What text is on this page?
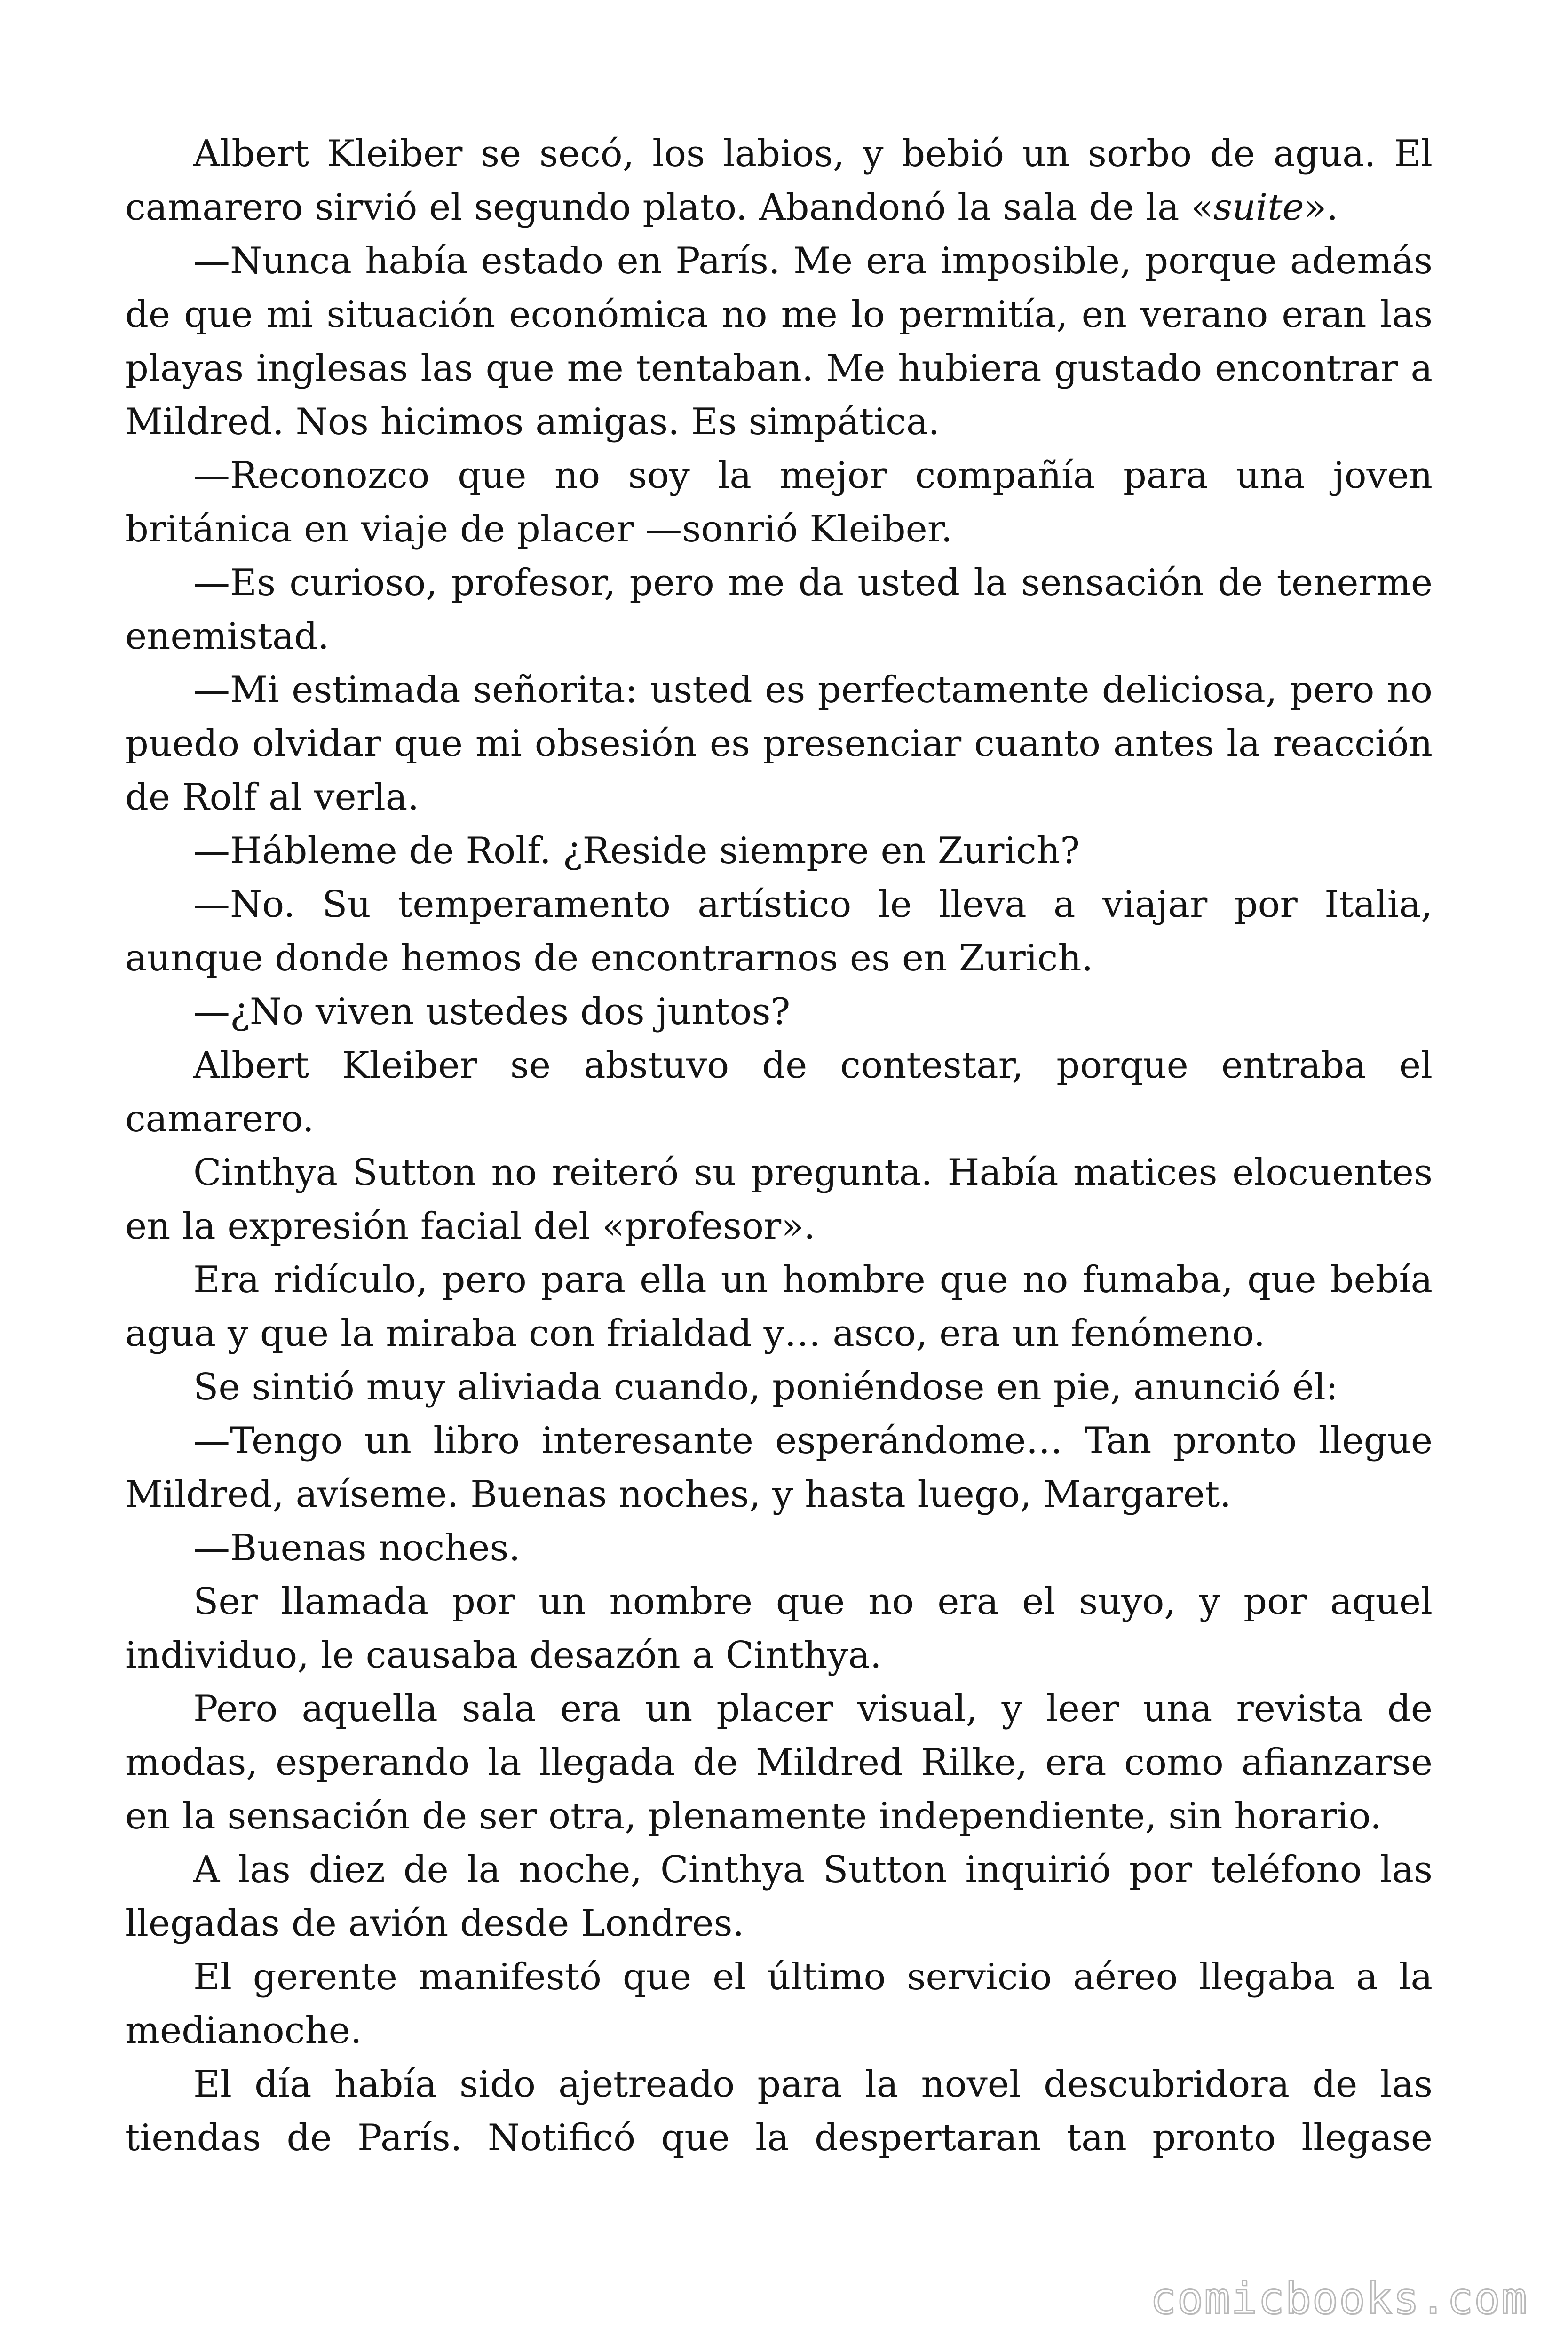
Albert Kleiber se secó, los labios, y bebió un sorbo de agua. El camarero sirvió el segundo plato. Abandonó la sala de la «suite».

—Nunca había estado en París. Me era imposible, porque además de que mi situación económica no me lo permitía, en verano eran las playas inglesas las que me tentaban. Me hubiera gustado encontrar a Mildred. Nos hicimos amigas. Es simpática.

—Reconozco que no soy la mejor compañía para una joven británica en viaje de placer —sonrió Kleiber.

—Es curioso, profesor, pero me da usted la sensación de tenerme enemistad.

—Mi estimada señorita: usted es perfectamente deliciosa, pero no puedo olvidar que mi obsesión es presenciar cuanto antes la reacción de Rolf al verla.

—Hábleme de Rolf. ¿Reside siempre en Zurich?

—No. Su temperamento artístico le lleva a viajar por Italia, aunque donde hemos de encontrarnos es en Zurich.

—¿No viven ustedes dos juntos?

Albert Kleiber se abstuvo de contestar, porque entraba el camarero.

Cinthya Sutton no reiteró su pregunta. Había matices elocuentes en la expresión facial del «profesor».

Era ridículo, pero para ella un hombre que no fumaba, que bebía agua y que la miraba con frialdad y… asco, era un fenómeno.

Se sintió muy aliviada cuando, poniéndose en pie, anunció él:

—Tengo un libro interesante esperándome… Tan pronto llegue Mildred, avíseme. Buenas noches, y hasta luego, Margaret.

—Buenas noches.

Ser llamada por un nombre que no era el suyo, y por aquel individuo, le causaba desazón a Cinthya.

Pero aquella sala era un placer visual, y leer una revista de modas, esperando la llegada de Mildred Rilke, era como afianzarse en la sensación de ser otra, plenamente independiente, sin horario.

A las diez de la noche, Cinthya Sutton inquirió por teléfono las llegadas de avión desde Londres.

El gerente manifestó que el último servicio aéreo llegaba a la medianoche.

El día había sido ajetreado para la novel descubridora de las tiendas de París. Notificó que la despertaran tan pronto llegase

comicbooks.com
